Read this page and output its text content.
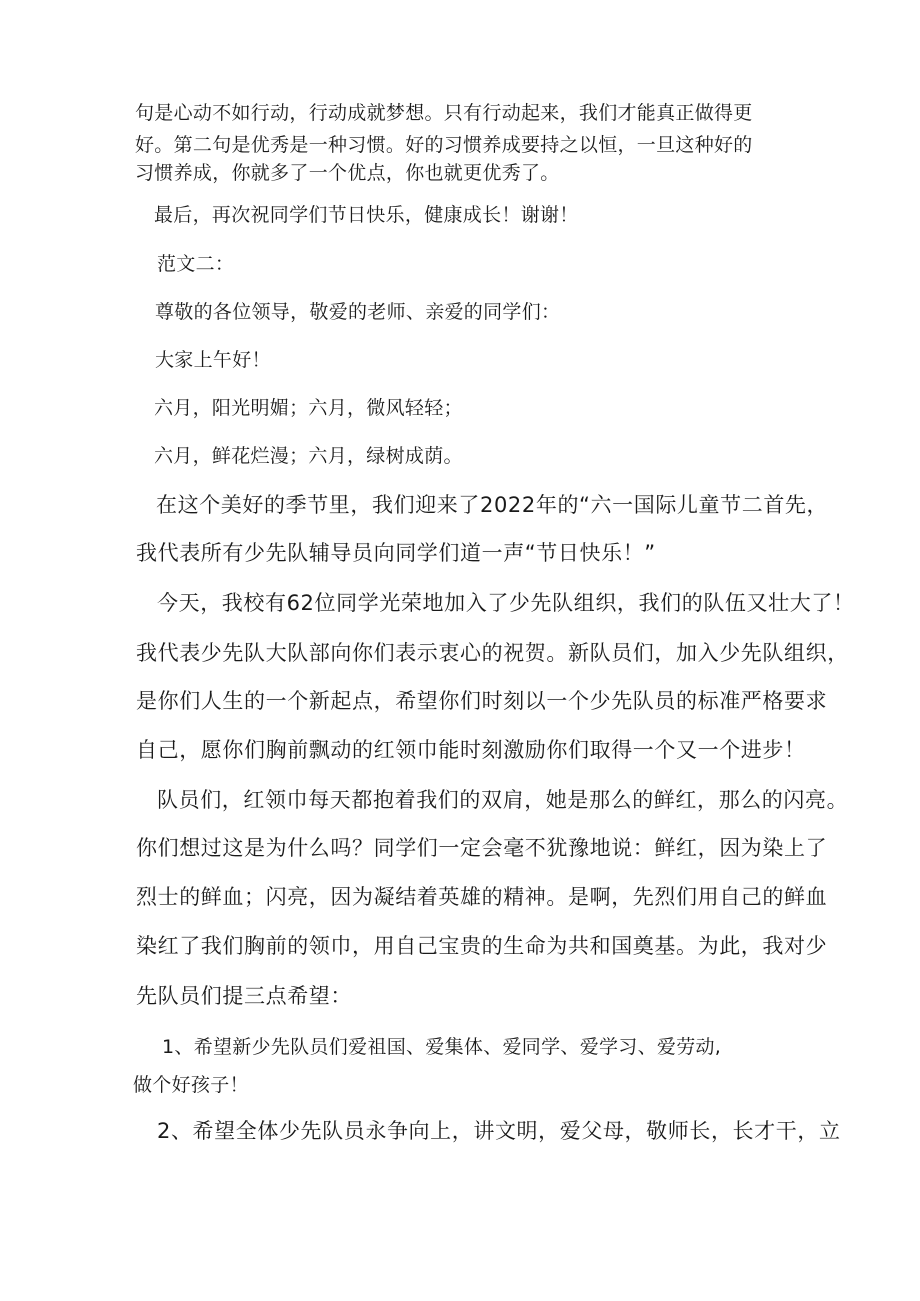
句是心动不如行动，行动成就梦想。只有行动起来，我们才能真正做得更
好。第二句是优秀是一种习惯。好的习惯养成要持之以恒，一旦这种好的
习惯养成，你就多了一个优点，你也就更优秀了。
最后，再次祝同学们节日快乐，健康成长！谢谢！
范文二：
尊敬的各位领导，敬爱的老师、亲爱的同学们：
大家上午好！
六月，阳光明媚；六月，微风轻轻；
六月，鲜花烂漫；六月，绿树成荫。
在这个美好的季节里，我们迎来了2022年的“六一国际儿童节二首先，
我代表所有少先队辅导员向同学们道一声“节日快乐！”
今天，我校有62位同学光荣地加入了少先队组织，我们的队伍又壮大了！
我代表少先队大队部向你们表示衷心的祝贺。新队员们，加入少先队组织，
是你们人生的一个新起点，希望你们时刻以一个少先队员的标准严格要求
自己，愿你们胸前飘动的红领巾能时刻激励你们取得一个又一个进步！
队员们，红领巾每天都抱着我们的双肩，她是那么的鲜红，那么的闪亮。
你们想过这是为什么吗？同学们一定会毫不犹豫地说：鲜红，因为染上了
烈士的鲜血；闪亮，因为凝结着英雄的精神。是啊，先烈们用自己的鲜血
染红了我们胸前的领巾，用自己宝贵的生命为共和国奠基。为此，我对少
先队员们提三点希望：
1、希望新少先队员们爱祖国、爱集体、爱同学、爱学习、爱劳动,
做个好孩子！
2、希望全体少先队员永争向上，讲文明，爱父母，敬师长，长才干，立
